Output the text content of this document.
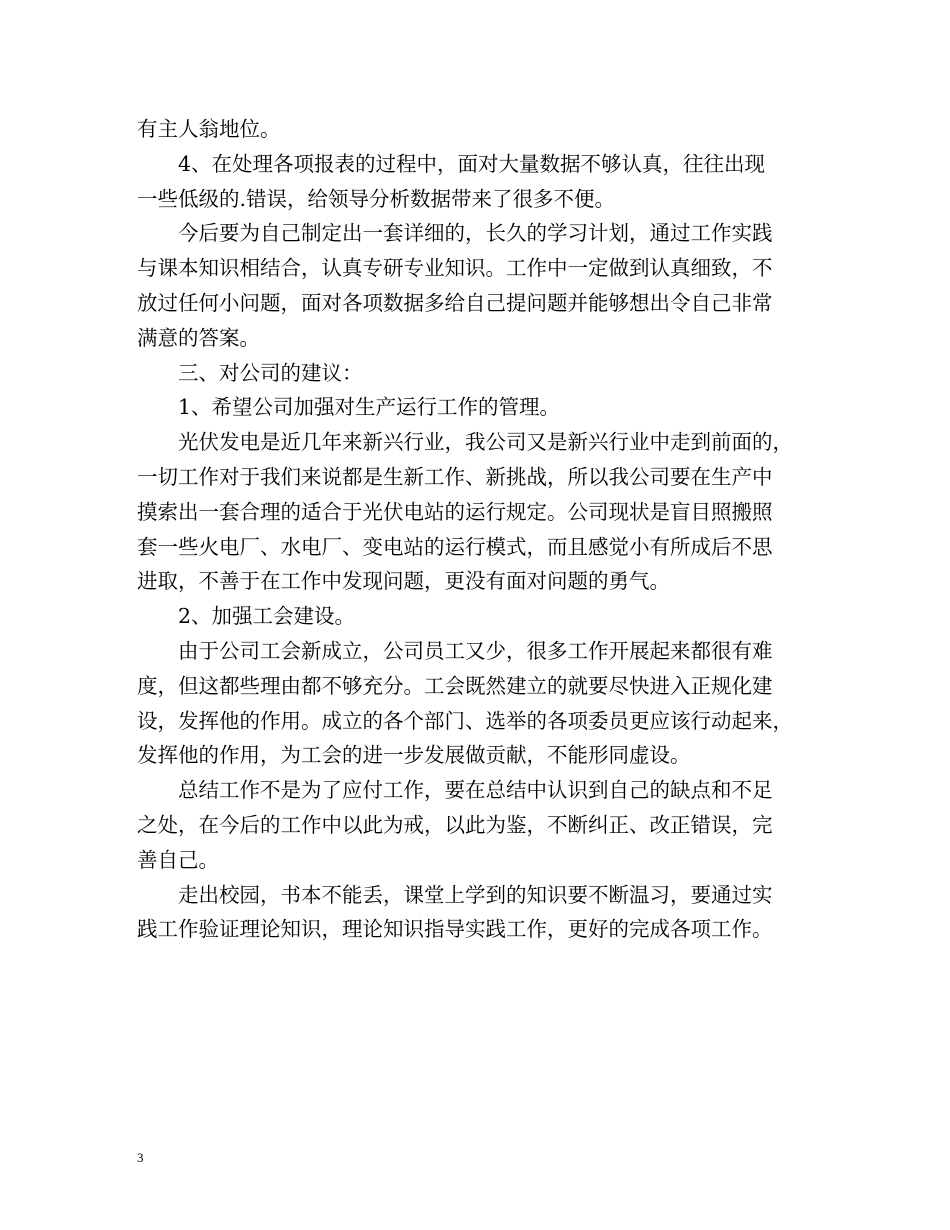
有主人翁地位。
4、在处理各项报表的过程中，面对大量数据不够认真，往往出现
一些低级的.错误，给领导分析数据带来了很多不便。
今后要为自己制定出一套详细的，长久的学习计划，通过工作实践
与课本知识相结合，认真专研专业知识。工作中一定做到认真细致，不
放过任何小问题，面对各项数据多给自己提问题并能够想出令自己非常
满意的答案。
三、对公司的建议：
1、希望公司加强对生产运行工作的管理。
光伏发电是近几年来新兴行业，我公司又是新兴行业中走到前面的，
一切工作对于我们来说都是生新工作、新挑战，所以我公司要在生产中
摸索出一套合理的适合于光伏电站的运行规定。公司现状是盲目照搬照
套一些火电厂、水电厂、变电站的运行模式，而且感觉小有所成后不思
进取，不善于在工作中发现问题，更没有面对问题的勇气。
2、加强工会建设。
由于公司工会新成立，公司员工又少，很多工作开展起来都很有难
度，但这都些理由都不够充分。工会既然建立的就要尽快进入正规化建
设，发挥他的作用。成立的各个部门、选举的各项委员更应该行动起来，
发挥他的作用，为工会的进一步发展做贡献，不能形同虚设。
总结工作不是为了应付工作，要在总结中认识到自己的缺点和不足
之处，在今后的工作中以此为戒，以此为鉴，不断纠正、改正错误，完
善自己。
走出校园，书本不能丢，课堂上学到的知识要不断温习，要通过实
践工作验证理论知识，理论知识指导实践工作，更好的完成各项工作。
3
